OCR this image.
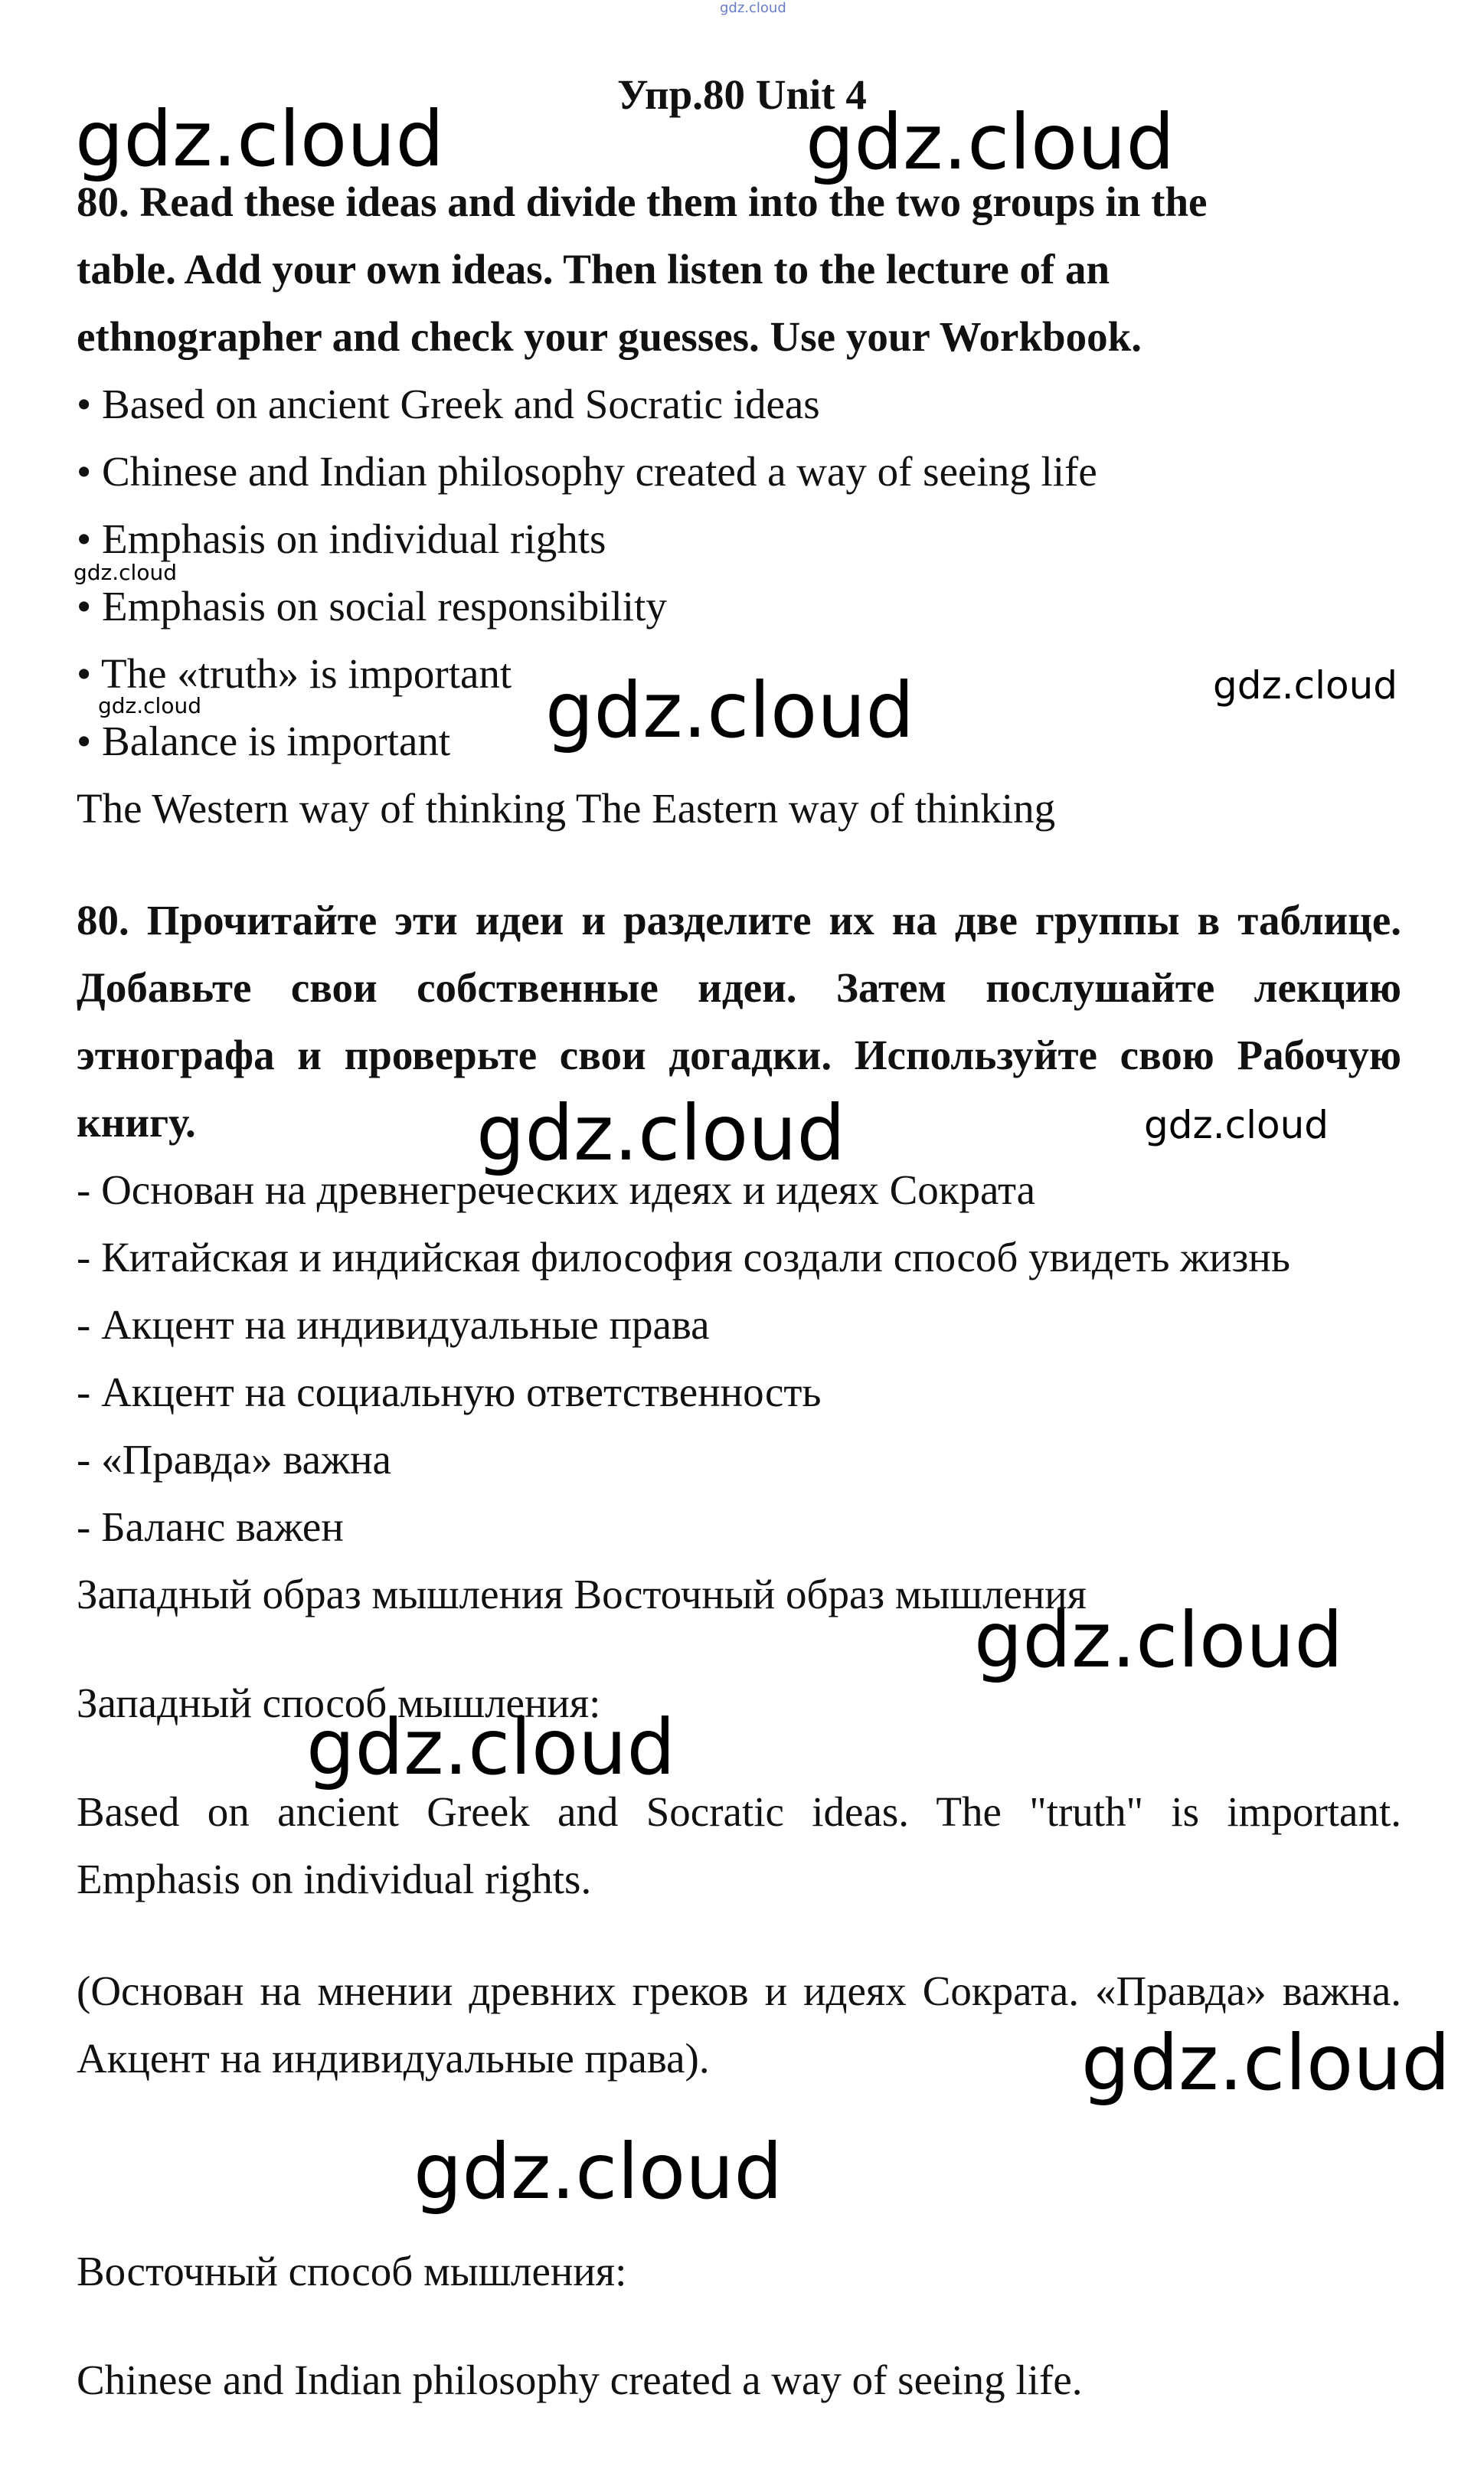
Упр.80 Unit 4
80. Read these ideas and divide them into the two groups in the
table. Add your own ideas. Then listen to the lecture of an
ethnographer and check your guesses. Use your Workbook.
• Based on ancient Greek and Socratic ideas
• Chinese and Indian philosophy created a way of seeing life
• Emphasis on individual rights
• Emphasis on social responsibility
• The «truth» is important
• Balance is important
The Western way of thinking The Eastern way of thinking
80. Прочитайте эти идеи и разделите их на две группы в таблице. Добавьте свои собственные идеи. Затем послушайте лекцию этнографа и проверьте свои догадки. Используйте свою Рабочую книгу.
- Основан на древнегреческих идеях и идеях Сократа
- Китайская и индийская философия создали способ увидеть жизнь
- Акцент на индивидуальные права
- Акцент на социальную ответственность
- «Правда» важна
- Баланс важен
Западный образ мышления Восточный образ мышления
Западный способ мышления:
Based on ancient Greek and Socratic ideas. The "truth" is important. Emphasis on individual rights.
(Основан на мнении древних греков и идеях Сократа. «Правда» важна. Акцент на индивидуальные права).
Восточный способ мышления:
Chinese and Indian philosophy created a way of seeing life.
gdz.cloud
gdz.cloud	gdz.cloud
gdz.cloud
gdz.cloud	gdz.cloud	gdz.cloud
gdz.cloud	gdz.cloud
gdz.cloud
gdz.cloud
gdz.cloud
gdz.cloud
